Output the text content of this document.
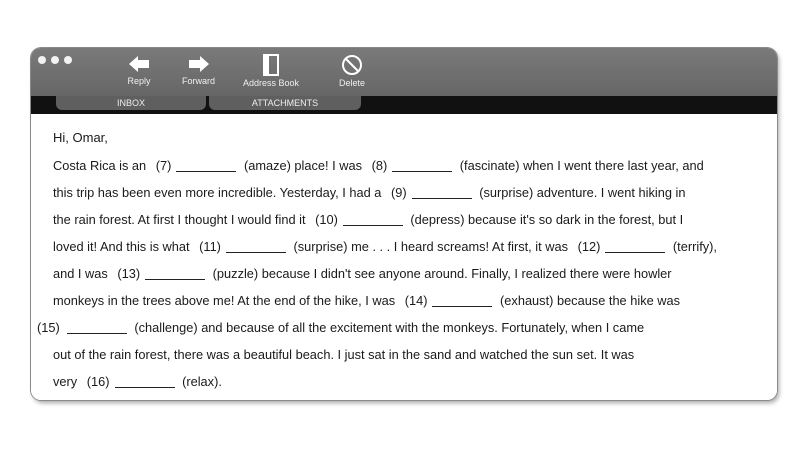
Reply	Forward	Address Book	Delete
INBOX	ATTACHMENTS
Hi, Omar,
Costa Rica is an (7)	(amaze) place! I was (8)	(fascinate) when I went there last year, and
this trip has been even more incredible. Yesterday, I had a (9)	(surprise) adventure. I went hiking in
the rain forest. At first I thought I would find it (10)	(depress) because it's so dark in the forest, but I
loved it! And this is what (11)	(surprise) me . . . I heard screams! At first, it was (12)	(terrify),
and I was (13)	(puzzle) because I didn't see anyone around. Finally, I realized there were howler
monkeys in the trees above me! At the end of the hike, I was (14)	(exhaust) because the hike was
(15)	(challenge) and because of all the excitement with the monkeys. Fortunately, when I came
out of the rain forest, there was a beautiful beach. I just sat in the sand and watched the sun set. It was
very (16)	(relax).
